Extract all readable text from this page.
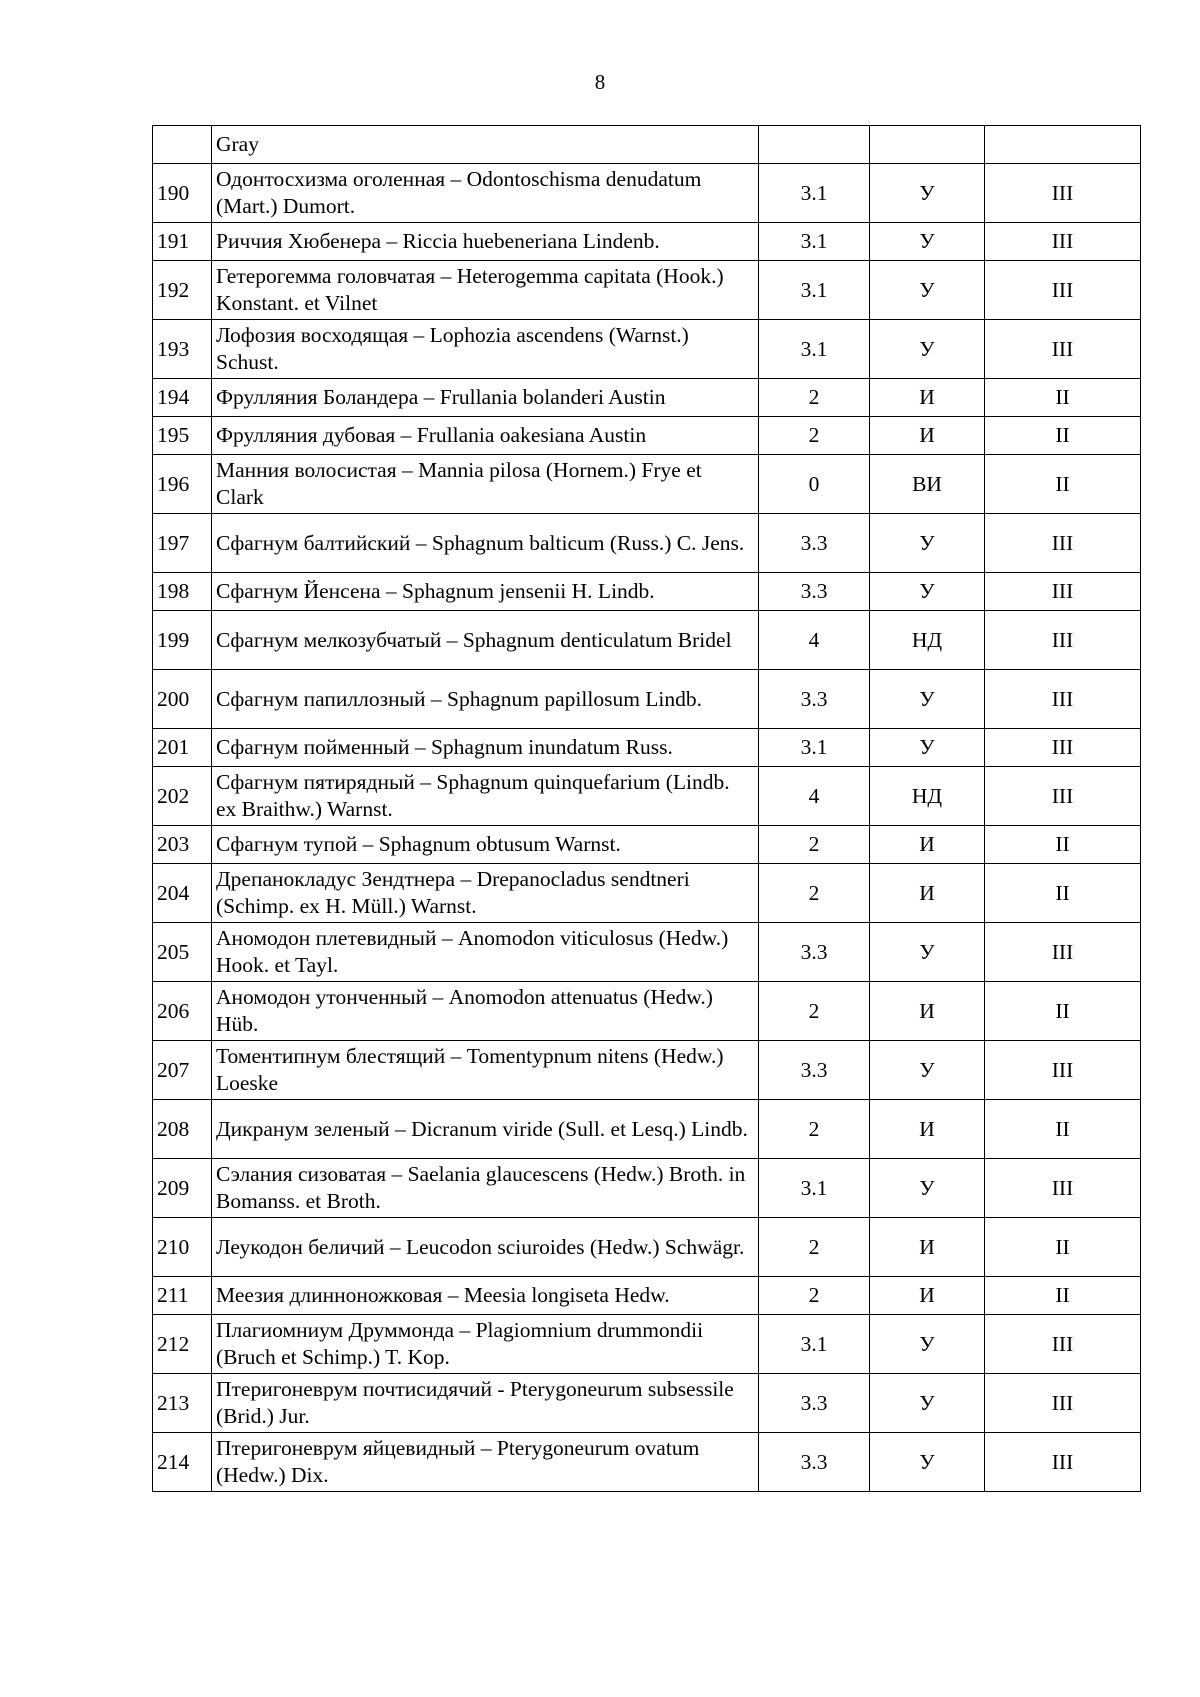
8
	Gray			
190	Одонтосхизма оголенная – Odontoschisma denudatum (Mart.) Dumort.	3.1	У	III
191	Риччия Хюбенера – Riccia huebeneriana Lindenb.	3.1	У	III
192	Гетерогемма головчатая – Heterogemma capitata (Hook.) Konstant. et Vilnet	3.1	У	III
193	Лофозия восходящая – Lophozia ascendens (Warnst.) Schust.	3.1	У	III
194	Фрулляния Боландера – Frullania bolanderi Austin	2	И	II
195	Фрулляния дубовая – Frullania oakesiana Austin	2	И	II
196	Манния волосистая – Mannia pilosa (Hornem.) Frye et Clark	0	ВИ	II
197	Сфагнум балтийский – Sphagnum balticum (Russ.) C. Jens.	3.3	У	III
198	Сфагнум Йенсена – Sphagnum jensenii H. Lindb.	3.3	У	III
199	Сфагнум мелкозубчатый – Sphagnum denticulatum Bridel	4	НД	III
200	Сфагнум папиллозный – Sphagnum papillosum Lindb.	3.3	У	III
201	Сфагнум пойменный – Sphagnum inundatum Russ.	3.1	У	III
202	Сфагнум пятирядный – Sphagnum quinquefarium (Lindb. ex Braithw.) Warnst.	4	НД	III
203	Сфагнум тупой – Sphagnum obtusum Warnst.	2	И	II
204	Дрепанокладус Зендтнера – Drepanocladus sendtneri (Schimp. ex H. Müll.) Warnst.	2	И	II
205	Аномодон плетевидный – Anomodon viticulosus (Hedw.) Hook. et Tayl.	3.3	У	III
206	Аномодон утонченный – Anomodon attenuatus (Hedw.) Hüb.	2	И	II
207	Томентипнум блестящий – Tomentypnum nitens (Hedw.) Loeske	3.3	У	III
208	Дикранум зеленый – Dicranum viride (Sull. et Lesq.) Lindb.	2	И	II
209	Сэлания сизоватая – Saelania glaucescens (Hedw.) Broth. in Bomanss. et Broth.	3.1	У	III
210	Леукодон беличий – Leucodon sciuroides (Hedw.) Schwägr.	2	И	II
211	Меезия длинноножковая – Meesia longiseta Hedw.	2	И	II
212	Плагиомниум Друммонда – Plagiomnium drummondii (Bruch et Schimp.) T. Kop.	3.1	У	III
213	Птеригоневрум почтисидячий - Pterygoneurum subsessile (Brid.) Jur.	3.3	У	III
214	Птеригоневрум яйцевидный – Pterygoneurum ovatum (Hedw.) Dix.	3.3	У	III
